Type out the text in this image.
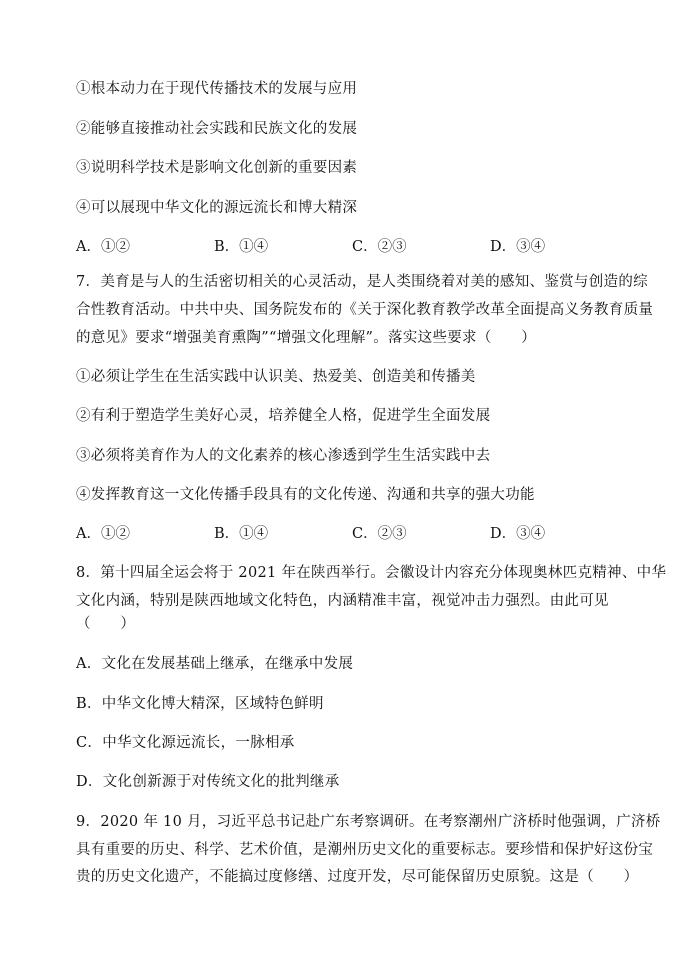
①根本动力在于现代传播技术的发展与应用
②能够直接推动社会实践和民族文化的发展
③说明科学技术是影响文化创新的重要因素
④可以展现中华文化的源远流长和博大精深
A．①②	B．①④	C．②③	D．③④
7．美育是与人的生活密切相关的心灵活动，是人类围绕着对美的感知、鉴赏与创造的综
合性教育活动。中共中央、国务院发布的《关于深化教育教学改革全面提高义务教育质量
的意见》要求“增强美育熏陶”“增强文化理解”。落实这些要求（　　）
①必须让学生在生活实践中认识美、热爱美、创造美和传播美
②有利于塑造学生美好心灵，培养健全人格，促进学生全面发展
③必须将美育作为人的文化素养的核心渗透到学生生活实践中去
④发挥教育这一文化传播手段具有的文化传递、沟通和共享的强大功能
A．①②	B．①④	C．②③	D．③④
8．第十四届全运会将于 2021 年在陕西举行。会徽设计内容充分体现奥林匹克精神、中华
文化内涵，特别是陕西地域文化特色，内涵精准丰富，视觉冲击力强烈。由此可见
（　　）
A．文化在发展基础上继承，在继承中发展
B．中华文化博大精深，区域特色鲜明
C．中华文化源远流长，一脉相承
D．文化创新源于对传统文化的批判继承
9．2020 年 10 月，习近平总书记赴广东考察调研。在考察潮州广济桥时他强调，广济桥
具有重要的历史、科学、艺术价值，是潮州历史文化的重要标志。要珍惜和保护好这份宝
贵的历史文化遗产，不能搞过度修缮、过度开发，尽可能保留历史原貌。这是（　　）
